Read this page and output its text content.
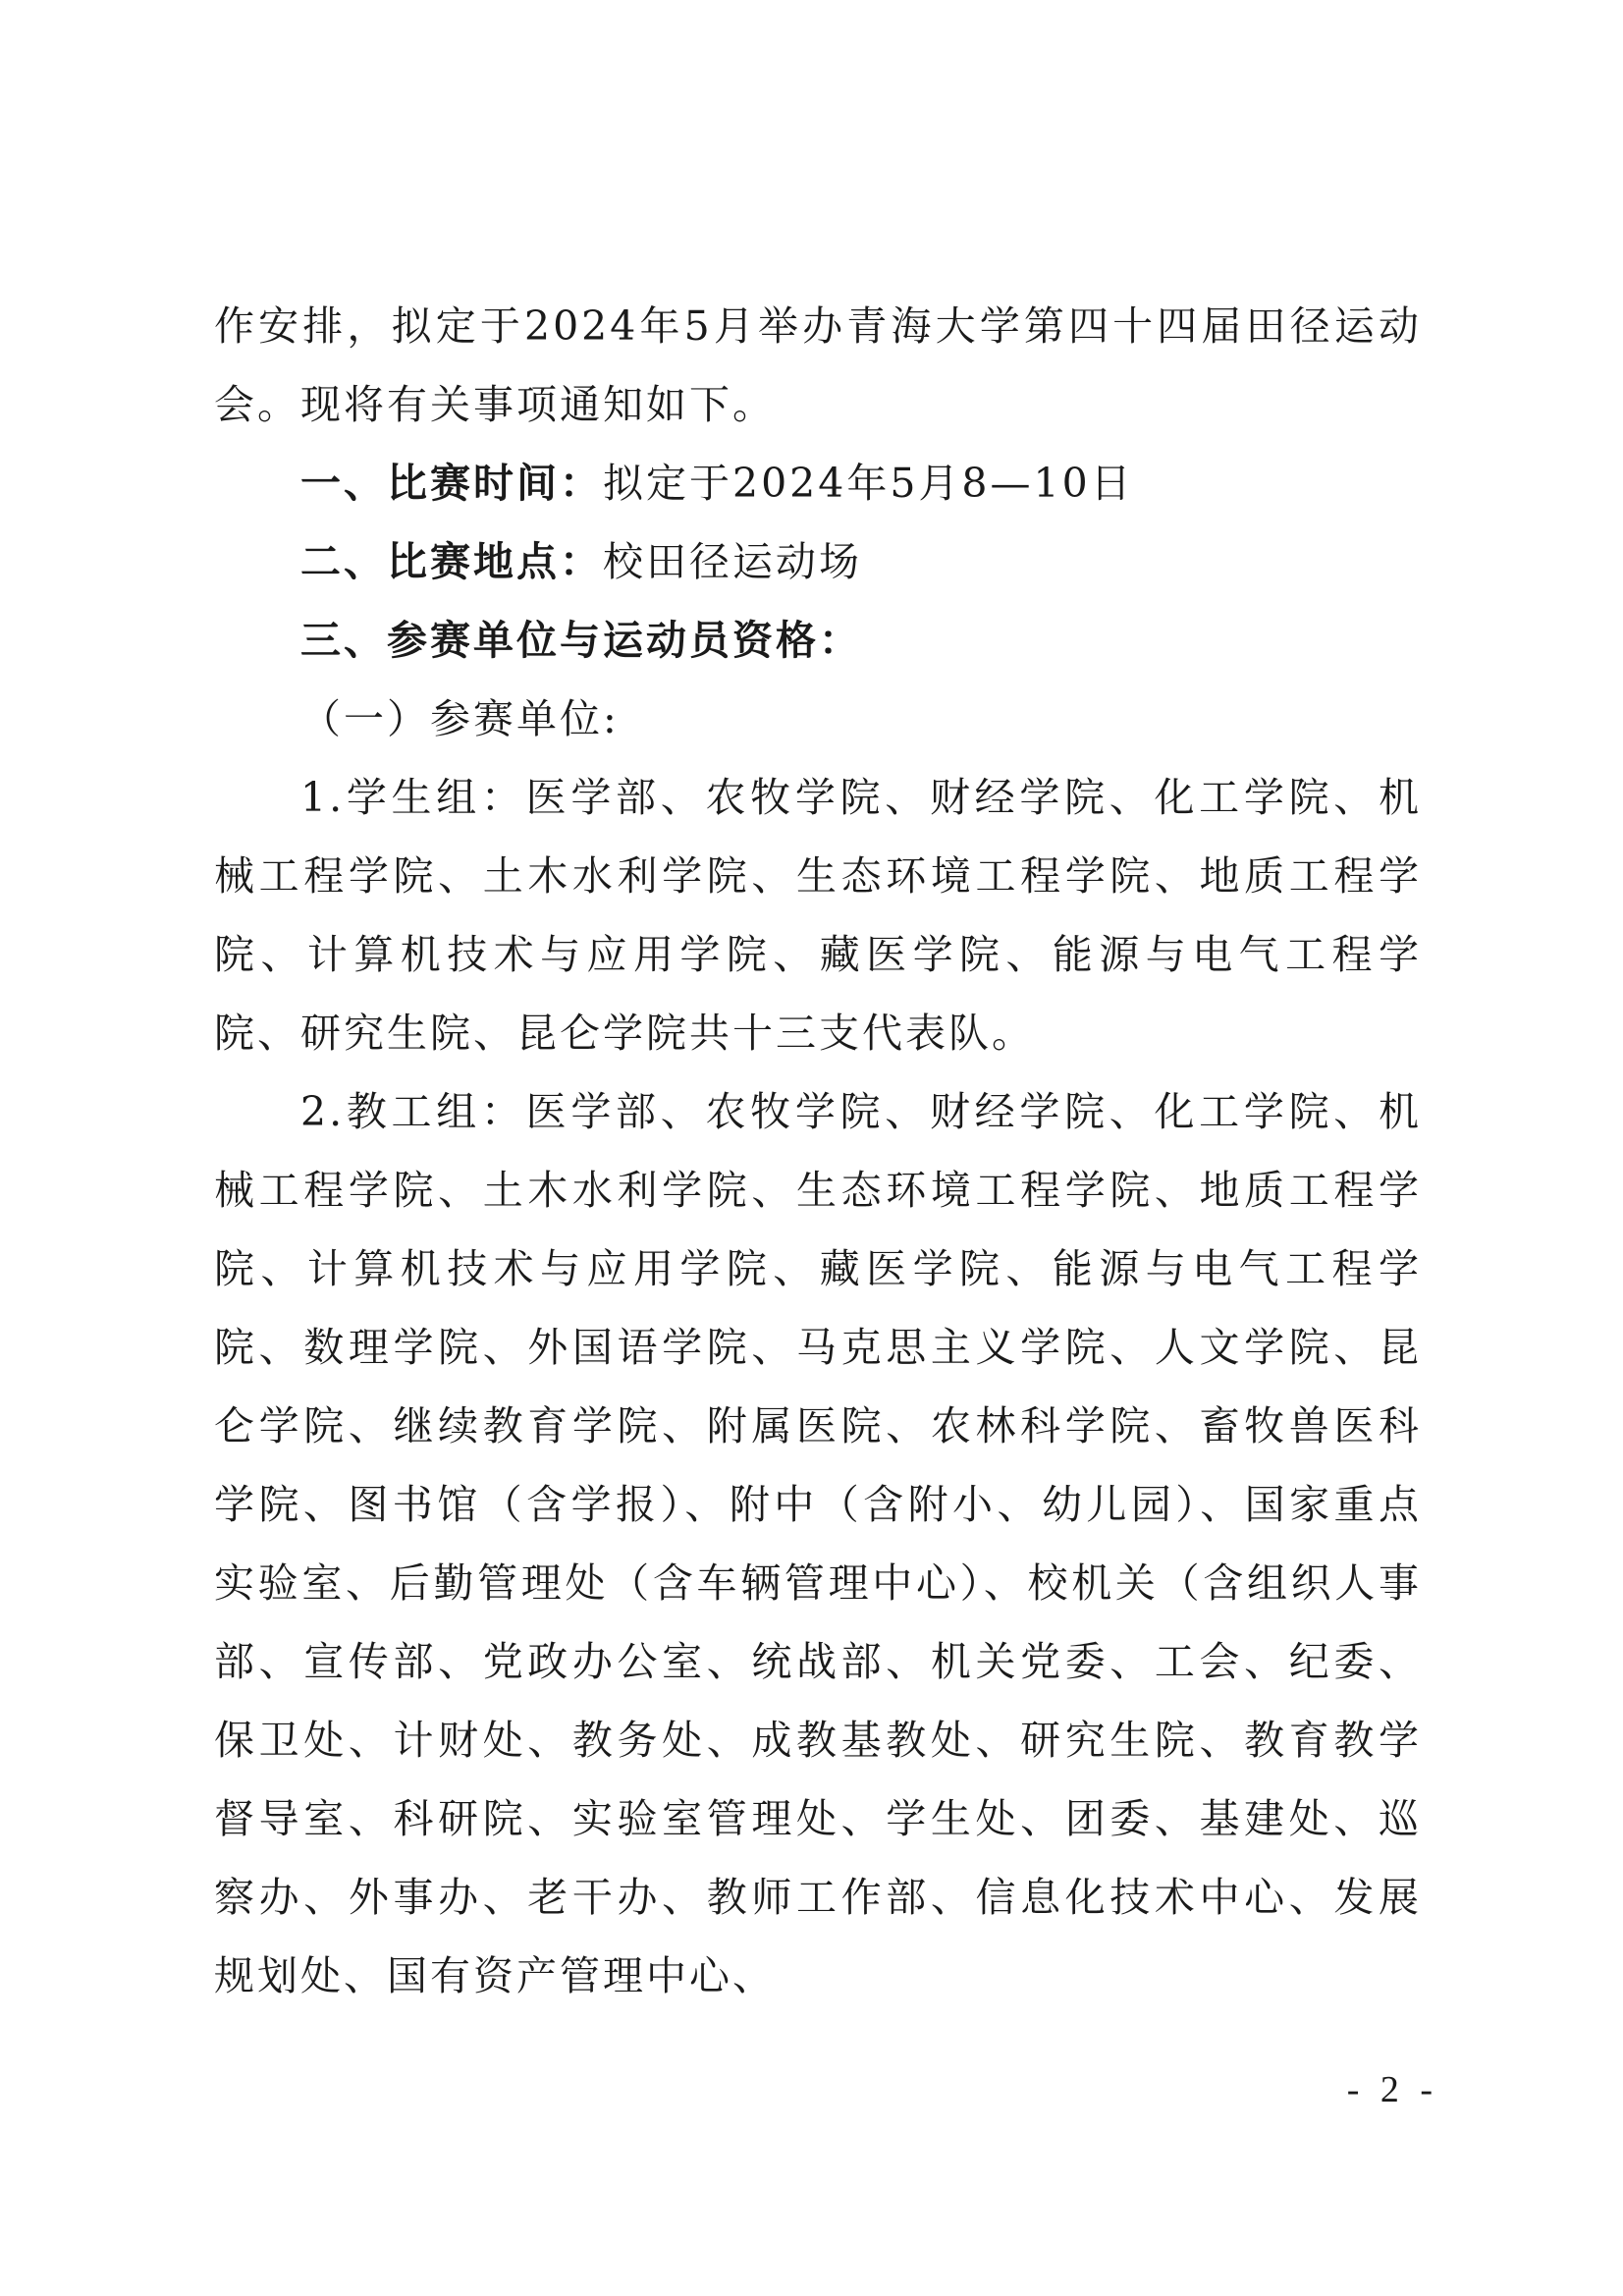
作安排，拟定于2024年5月举办青海大学第四十四届田径运动会。现将有关事项通知如下。

一、比赛时间：拟定于2024年5月8—10日

二、比赛地点：校田径运动场

三、参赛单位与运动员资格：

（一）参赛单位:

1.学生组：医学部、农牧学院、财经学院、化工学院、机械工程学院、土木水利学院、生态环境工程学院、地质工程学院、计算机技术与应用学院、藏医学院、能源与电气工程学院、研究生院、昆仑学院共十三支代表队。

2.教工组：医学部、农牧学院、财经学院、化工学院、机械工程学院、土木水利学院、生态环境工程学院、地质工程学院、计算机技术与应用学院、藏医学院、能源与电气工程学院、数理学院、外国语学院、马克思主义学院、人文学院、昆仑学院、继续教育学院、附属医院、农林科学院、畜牧兽医科学院、图书馆（含学报）、附中（含附小、幼儿园）、国家重点实验室、后勤管理处（含车辆管理中心）、校机关（含组织人事部、宣传部、党政办公室、统战部、机关党委、工会、纪委、保卫处、计财处、教务处、成教基教处、研究生院、教育教学督导室、科研院、实验室管理处、学生处、团委、基建处、巡察办、外事办、老干办、教师工作部、信息化技术中心、发展规划处、国有资产管理中心、

- 2 -
